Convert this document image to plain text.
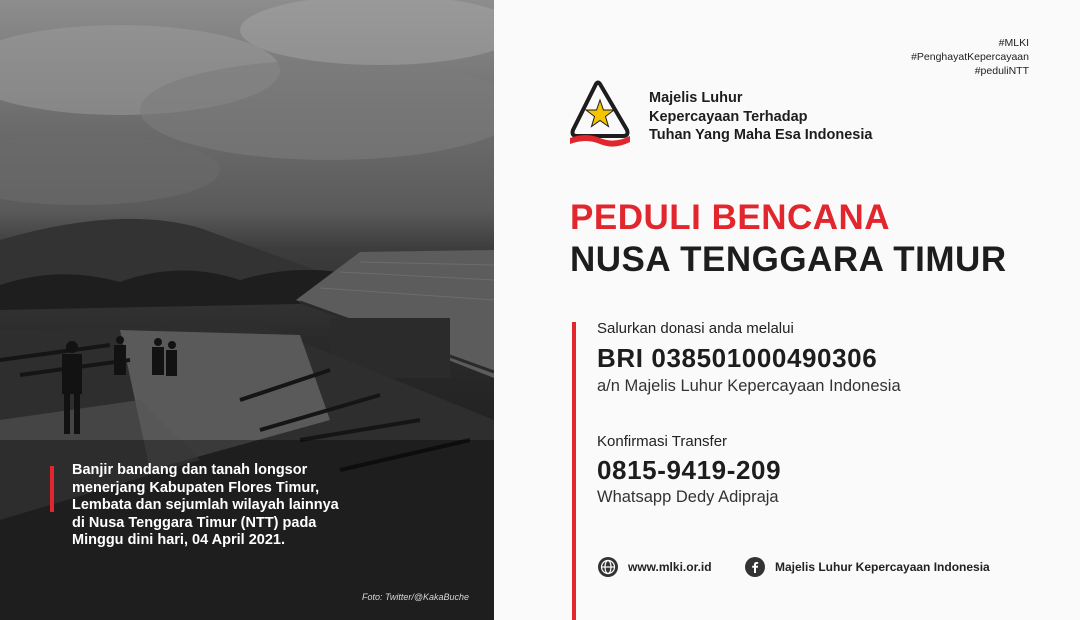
Banjir bandang dan tanah longsor

menerjang Kabupaten Flores Timur,

Lembata dan sejumlah wilayah lainnya

di Nusa Tenggara Timur (NTT) pada

Minggu dini hari, 04 April 2021.

Foto: Twitter/@KakaBuche
#MLKI
#PenghayatKepercayaan
#peduliNTT
Majelis Luhur
Kepercayaan Terhadap
Tuhan Yang Maha Esa Indonesia
PEDULI BENCANA
NUSA TENGGARA TIMUR
Salurkan donasi anda melalui
BRI 038501000490306
a/n Majelis Luhur Kepercayaan Indonesia
Konfirmasi Transfer
0815-9419-209
Whatsapp Dedy Adipraja
www.mlki.or.id	Majelis Luhur Kepercayaan Indonesia
